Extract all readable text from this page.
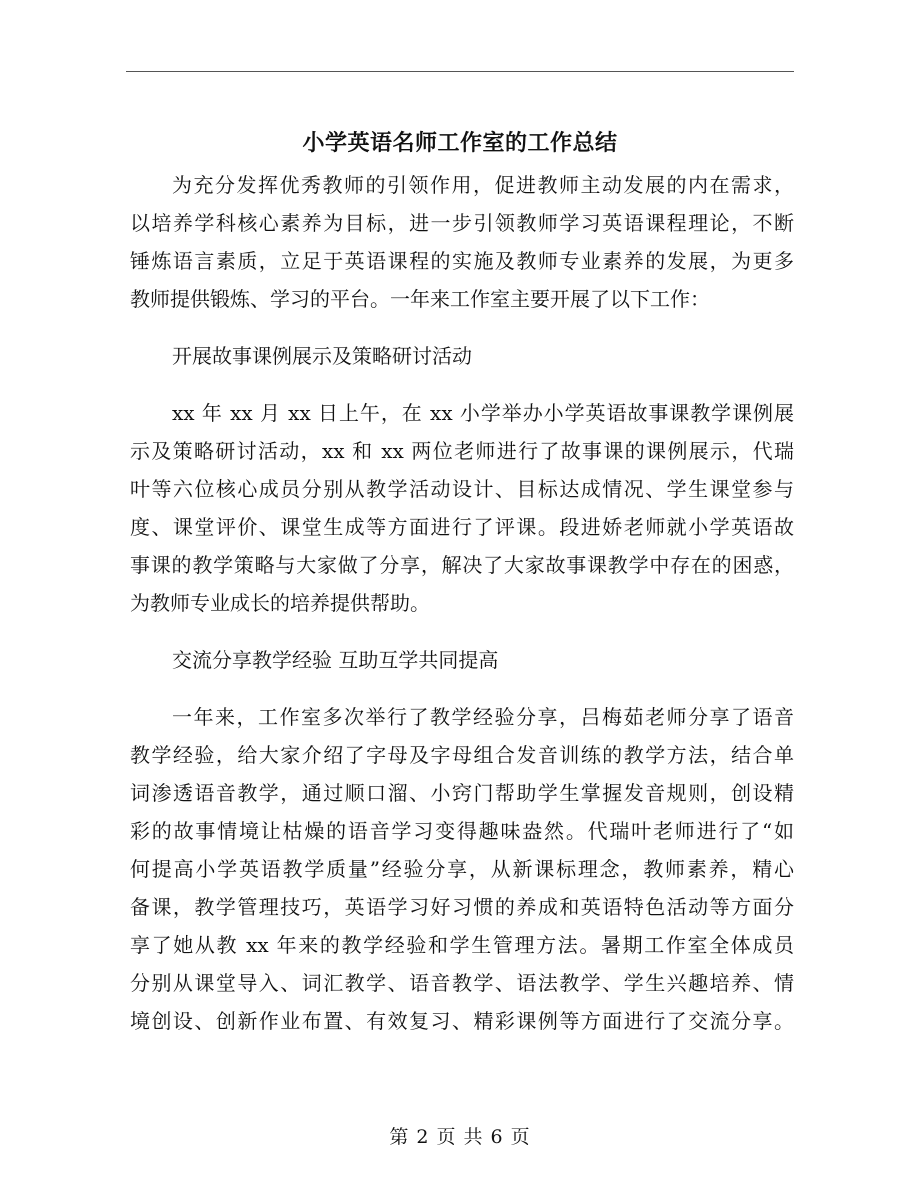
小学英语名师工作室的工作总结
为充分发挥优秀教师的引领作用，促进教师主动发展的内在需求，
以培养学科核心素养为目标，进一步引领教师学习英语课程理论，不断
锤炼语言素质，立足于英语课程的实施及教师专业素养的发展，为更多
教师提供锻炼、学习的平台。一年来工作室主要开展了以下工作：
开展故事课例展示及策略研讨活动
xx 年 xx 月 xx 日上午，在 xx 小学举办小学英语故事课教学课例展
示及策略研讨活动，xx 和 xx 两位老师进行了故事课的课例展示，代瑞
叶等六位核心成员分别从教学活动设计、目标达成情况、学生课堂参与
度、课堂评价、课堂生成等方面进行了评课。段进娇老师就小学英语故
事课的教学策略与大家做了分享，解决了大家故事课教学中存在的困惑，
为教师专业成长的培养提供帮助。
交流分享教学经验 互助互学共同提高
一年来，工作室多次举行了教学经验分享，吕梅茹老师分享了语音
教学经验，给大家介绍了字母及字母组合发音训练的教学方法，结合单
词渗透语音教学，通过顺口溜、小窍门帮助学生掌握发音规则，创设精
彩的故事情境让枯燥的语音学习变得趣味盎然。代瑞叶老师进行了“如
何提高小学英语教学质量”经验分享，从新课标理念，教师素养，精心
备课，教学管理技巧，英语学习好习惯的养成和英语特色活动等方面分
享了她从教 xx 年来的教学经验和学生管理方法。暑期工作室全体成员
分别从课堂导入、词汇教学、语音教学、语法教学、学生兴趣培养、情
境创设、创新作业布置、有效复习、精彩课例等方面进行了交流分享。
第 2 页 共 6 页
